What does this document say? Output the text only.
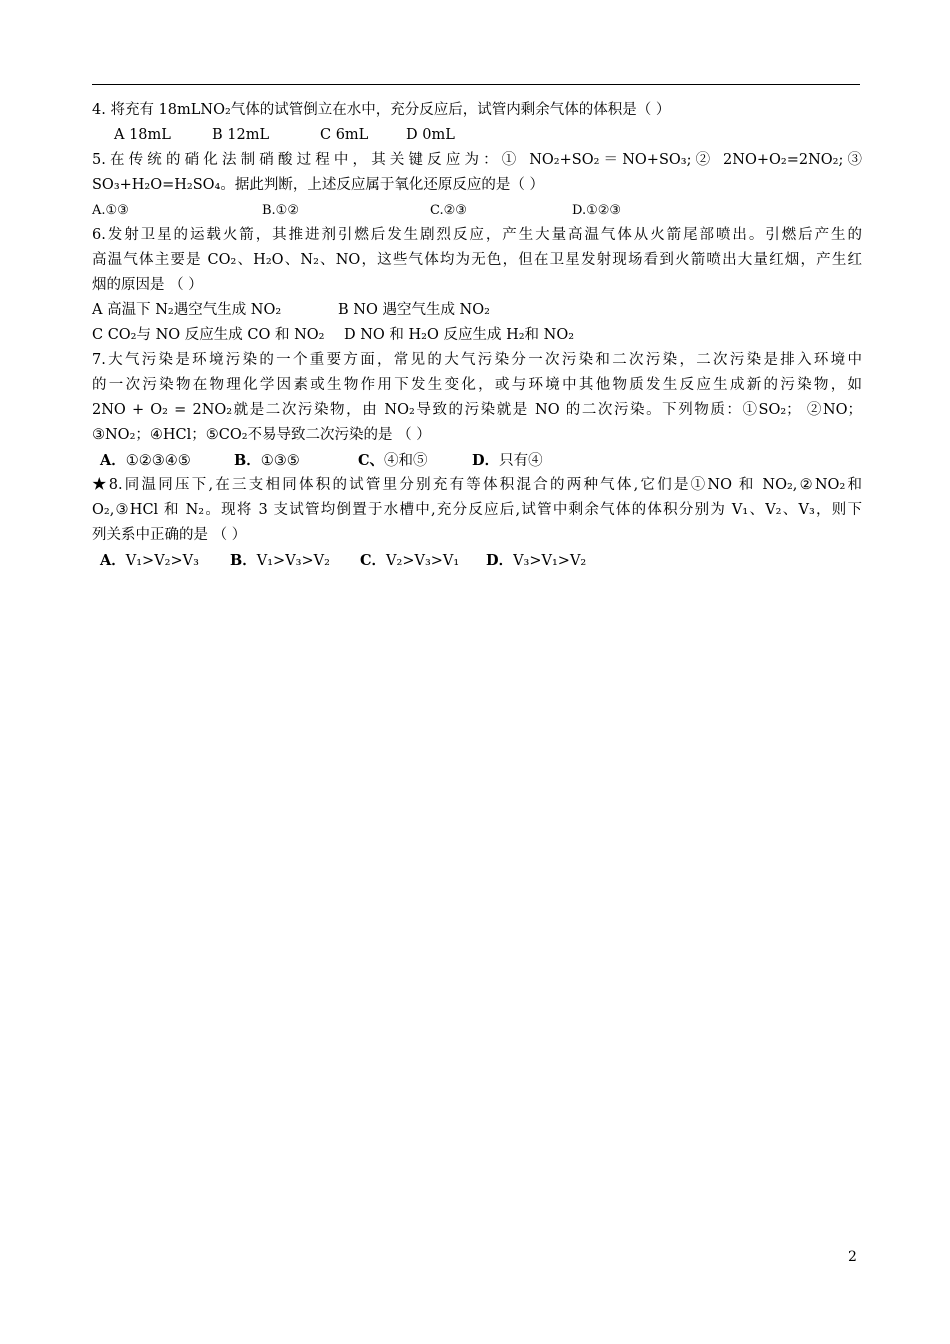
4. 将充有 18mLNO₂气体的试管倒立在水中，充分反应后，试管内剩余气体的体积是（ ）
A 18mL	B 12mL	C 6mL	D 0mL
5.在传统的硝化法制硝酸过程中，其关键反应为：① NO₂+SO₂＝NO+SO₃;② 2NO+O₂=2NO₂;③
SO₃+H₂O=H₂SO₄。据此判断，上述反应属于氧化还原反应的是（ ）
A.①③	B.①②	C.②③	D.①②③
6.发射卫星的运载火箭，其推进剂引燃后发生剧烈反应，产生大量高温气体从火箭尾部喷出。引燃后产生的
高温气体主要是 CO₂、H₂O、N₂、NO，这些气体均为无色，但在卫星发射现场看到火箭喷出大量红烟，产生红
烟的原因是 （ ）
A 高温下 N₂遇空气生成 NO₂	B NO 遇空气生成 NO₂
C CO₂与 NO 反应生成 CO 和 NO₂ D NO 和 H₂O 反应生成 H₂和 NO₂
7.大气污染是环境污染的一个重要方面，常见的大气污染分一次污染和二次污染，二次污染是排入环境中
的一次污染物在物理化学因素或生物作用下发生变化，或与环境中其他物质发生反应生成新的污染物，如
2NO + O₂ = 2NO₂就是二次污染物，由 NO₂导致的污染就是 NO 的二次污染。下列物质：①SO₂； ②NO；
③NO₂；④HCl；⑤CO₂不易导致二次污染的是 （ ）
A．①②③④⑤	B．①③⑤	C、④和⑤	D．只有④
★8.同温同压下,在三支相同体积的试管里分别充有等体积混合的两种气体,它们是①NO 和 NO₂,②NO₂和
O₂,③HCl 和 N₂。现将 3 支试管均倒置于水槽中,充分反应后,试管中剩余气体的体积分别为 V₁、V₂、V₃，则下
列关系中正确的是 （ ）
A．V₁>V₂>V₃ B．V₁>V₃>V₂ C．V₂>V₃>V₁ D．V₃>V₁>V₂
2
